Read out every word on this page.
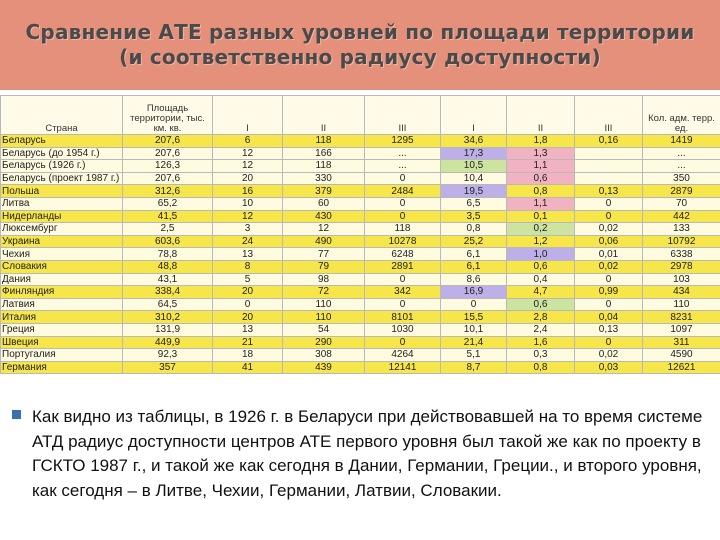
Сравнение АТЕ разных уровней по площади территории
(и соответственно радиусу доступности)
Страна	Площадь территории, тыс. км. кв.	I	II	III	I	II	III	Кол. адм. терр. ед.
Беларусь	207,6	6	118	1295	34,6	1,8	0,16	1419
Беларусь (до 1954 г.)	207,6	12	166	...	17,3	1,3		...
Беларусь (1926 г.)	126,3	12	118	...	10,5	1,1		...
Беларусь (проект 1987 г.)	207,6	20	330	0	10,4	0,6		350
Польша	312,6	16	379	2484	19,5	0,8	0,13	2879
Литва	65,2	10	60	0	6,5	1,1	0	70
Нидерланды	41,5	12	430	0	3,5	0,1	0	442
Люксембург	2,5	3	12	118	0,8	0,2	0,02	133
Украина	603,6	24	490	10278	25,2	1,2	0,06	10792
Чехия	78,8	13	77	6248	6,1	1,0	0,01	6338
Словакия	48,8	8	79	2891	6,1	0,6	0,02	2978
Дания	43,1	5	98	0	8,6	0,4	0	103
Финляндия	338,4	20	72	342	16,9	4,7	0,99	434
Латвия	64,5	0	110	0	0	0,6	0	110
Италия	310,2	20	110	8101	15,5	2,8	0,04	8231
Греция	131,9	13	54	1030	10,1	2,4	0,13	1097
Швеция	449,9	21	290	0	21,4	1,6	0	311
Португалия	92,3	18	308	4264	5,1	0,3	0,02	4590
Германия	357	41	439	12141	8,7	0,8	0,03	12621
Как видно из таблицы, в 1926 г. в Беларуси при действовавшей на то время системе АТД радиус доступности центров АТЕ первого уровня был такой же как по проекту в ГСКТО 1987 г., и такой же как сегодня в Дании, Германии, Греции., и второго уровня, как сегодня – в Литве, Чехии, Германии, Латвии, Словакии.
